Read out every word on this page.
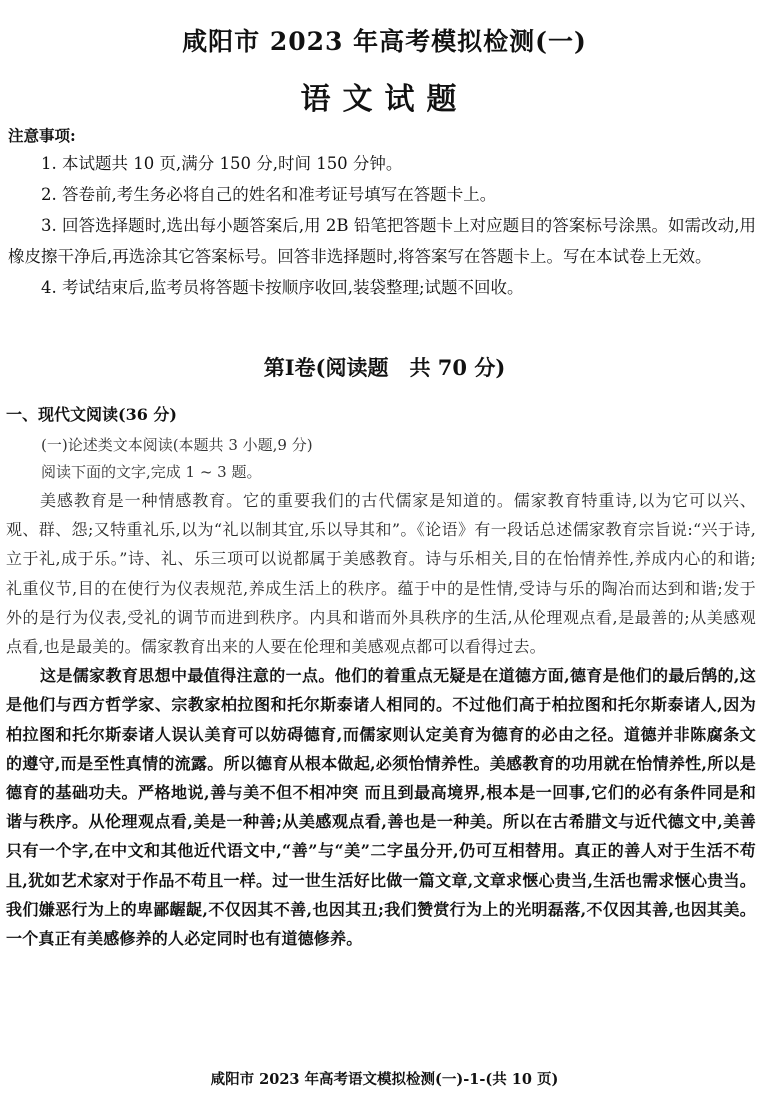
咸阳市 2023 年高考模拟检测(一)
语文试题
注意事项:

1. 本试题共 10 页,满分 150 分,时间 150 分钟。

2. 答卷前,考生务必将自己的姓名和准考证号填写在答题卡上。

3. 回答选择题时,选出每小题答案后,用 2B 铅笔把答题卡上对应题目的答案标号涂黑。如需改动,用橡皮擦干净后,再选涂其它答案标号。回答非选择题时,将答案写在答题卡上。写在本试卷上无效。

4. 考试结束后,监考员将答题卡按顺序收回,装袋整理;试题不回收。

第Ⅰ卷(阅读题　共 70 分)
一、现代文阅读(36 分)
(一)论述类文本阅读(本题共 3 小题,9 分)
阅读下面的文字,完成 1 ~ 3 题。

美感教育是一种情感教育。它的重要我们的古代儒家是知道的。儒家教育特重诗,以为它可以兴、观、群、怨;又特重礼乐,以为“礼以制其宜,乐以导其和”。《论语》有一段话总述儒家教育宗旨说:“兴于诗,立于礼,成于乐。”诗、礼、乐三项可以说都属于美感教育。诗与乐相关,目的在怡情养性,养成内心的和谐;礼重仪节,目的在使行为仪表规范,养成生活上的秩序。蕴于中的是性情,受诗与乐的陶冶而达到和谐;发于外的是行为仪表,受礼的调节而进到秩序。内具和谐而外具秩序的生活,从伦理观点看,是最善的;从美感观点看,也是最美的。儒家教育出来的人要在伦理和美感观点都可以看得过去。

这是儒家教育思想中最值得注意的一点。他们的着重点无疑是在道德方面,德育是他们的最后鹄的,这是他们与西方哲学家、宗教家柏拉图和托尔斯泰诸人相同的。不过他们高于柏拉图和托尔斯泰诸人,因为柏拉图和托尔斯泰诸人误认美育可以妨碍德育,而儒家则认定美育为德育的必由之径。道德并非陈腐条文的遵守,而是至性真情的流露。所以德育从根本做起,必须怡情养性。美感教育的功用就在怡情养性,所以是德育的基础功夫。严格地说,善与美不但不相冲突 而且到最高境界,根本是一回事,它们的必有条件同是和谐与秩序。从伦理观点看,美是一种善;从美感观点看,善也是一种美。所以在古希腊文与近代德文中,美善只有一个字,在中文和其他近代语文中,“善”与“美”二字虽分开,仍可互相替用。真正的善人对于生活不苟且,犹如艺术家对于作品不苟且一样。过一世生活好比做一篇文章,文章求惬心贵当,生活也需求惬心贵当。我们嫌恶行为上的卑鄙龌龊,不仅因其不善,也因其丑;我们赞赏行为上的光明磊落,不仅因其善,也因其美。一个真正有美感修养的人必定同时也有道德修养。

咸阳市 2023 年高考语文模拟检测(一)-1-(共 10 页)
